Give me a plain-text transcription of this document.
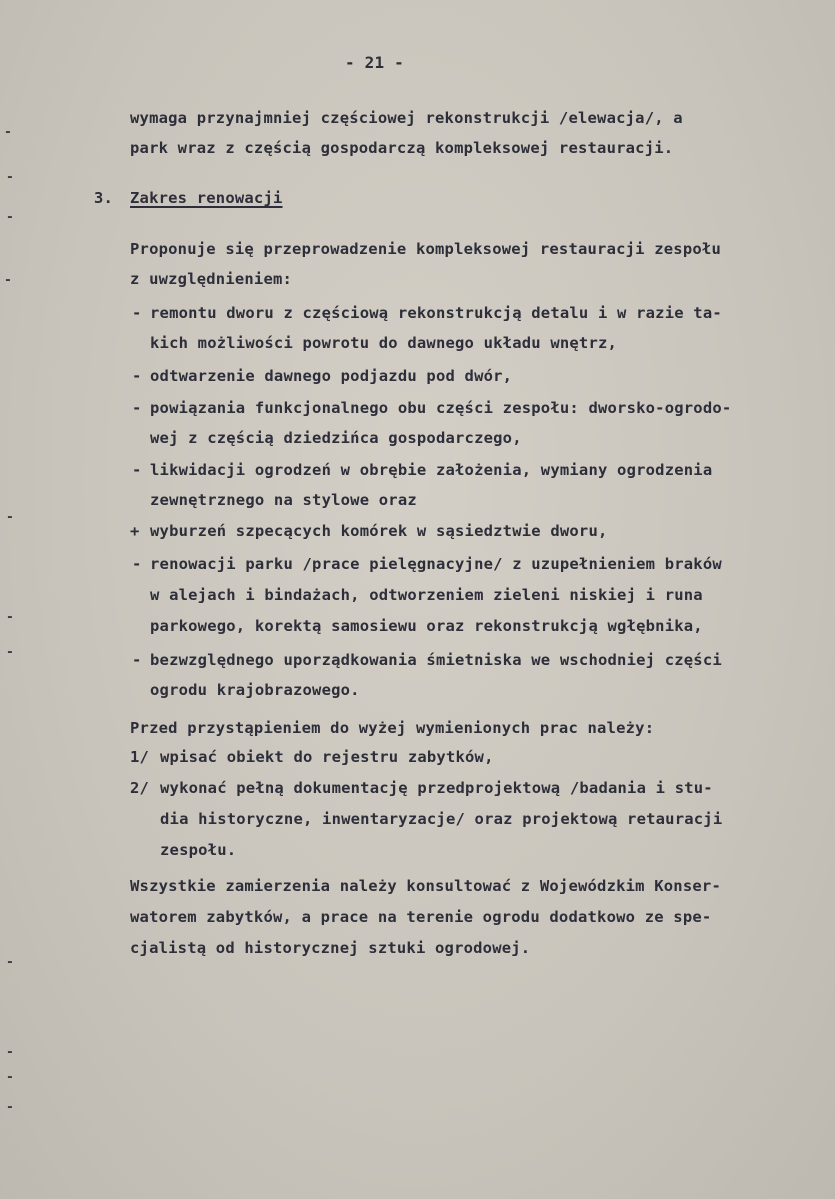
-
-
-
-
-
-
-
-
-
-
-
- 21 -
wymaga przynajmniej częściowej rekonstrukcji /elewacja/, a
park wraz z częścią gospodarczą kompleksowej restauracji.
3. Zakres renowacji
Proponuje się przeprowadzenie kompleksowej restauracji zespołu
z uwzględnieniem:
- remontu dworu z częściową rekonstrukcją detalu i w razie ta-
kich możliwości powrotu do dawnego układu wnętrz,
- odtwarzenie dawnego podjazdu pod dwór,
- powiązania funkcjonalnego obu części zespołu: dworsko-ogrodo-
wej z częścią dziedzińca gospodarczego,
- likwidacji ogrodzeń w obrębie założenia, wymiany ogrodzenia
zewnętrznego na stylowe oraz
+ wyburzeń szpecących komórek w sąsiedztwie dworu,
- renowacji parku /prace pielęgnacyjne/ z uzupełnieniem braków
w alejach i bindażach, odtworzeniem zieleni niskiej i runa
parkowego, korektą samosiewu oraz rekonstrukcją wgłębnika,
- bezwzględnego uporządkowania śmietniska we wschodniej części
ogrodu krajobrazowego.
Przed przystąpieniem do wyżej wymienionych prac należy:
1/ wpisać obiekt do rejestru zabytków,
2/ wykonać pełną dokumentację przedprojektową /badania i stu-
dia historyczne, inwentaryzacje/ oraz projektową retauracji
zespołu.
Wszystkie zamierzenia należy konsultować z Wojewódzkim Konser-
watorem zabytków, a prace na terenie ogrodu dodatkowo ze spe-
cjalistą od historycznej sztuki ogrodowej.
